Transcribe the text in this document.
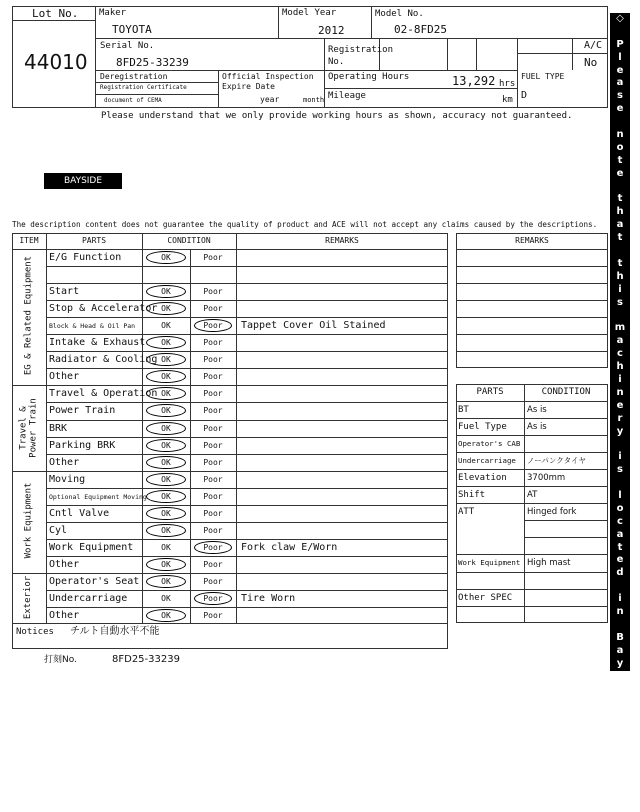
Lot No.
44010
Maker
TOYOTA
Model Year
2012
Model No.
02-8FD25
Serial No.
8FD25-33239
Registration No.
A/C
No
Deregistration
Registration Certificate
document of CEMA
Official Inspection Expire Date
year	month
Operating Hours	13,292 hrs
Mileage	km
FUEL TYPE
D
Please understand that we only provide working hours as shown, accuracy not guaranteed.
BAYSIDE
The description content does not guarantee the quality of product and ACE will not accept any claims caused by the descriptions.
ITEM	PARTS	CONDITION	REMARKS
EG & Related Equipment
Travel & Power Train
Work Equipment
Exterior
E/G Function	OK	Poor
Start	OK	Poor
Stop & Accelerator OK	Poor
Block & Head & Oil Pan	OK	Poor	Tappet Cover Oil Stained
Intake & Exhaust	OK	Poor
Radiator & Cooling OK	Poor
Other	OK	Poor
Travel & Operation OK	Poor
Power Train	OK	Poor
BRK	OK	Poor
Parking BRK	OK	Poor
Other	OK	Poor
Moving	OK	Poor
Optional Equipment Moving	OK	Poor
Cntl Valve	OK	Poor
Cyl	OK	Poor
Work Equipment	OK	Poor	Fork claw E/Worn
Other	OK	Poor
Operator's Seat	OK	Poor
Undercarriage	OK	Poor	Tire Worn
Other	OK	Poor
REMARKS
PARTS	CONDITION
BT	As is
Fuel Type As is
Operator's CAB
Undercarriage ノーパンクタイヤ
Elevation 3700mm
Shift	AT
ATT	Hinged fork
Work Equipment High mast
Other SPEC
Notices チルト自動水平不能
打刻No.	8FD25-33239
◇

P
l
e
a
s
e

n
o
t
e

t
h
a
t

t
h
i
s

m
a
c
h
i
n
e
r
y

i
s

l
o
c
a
t
e
d

i
n

B
a
y
s
i
d
e

Y
a
r
d

◇
